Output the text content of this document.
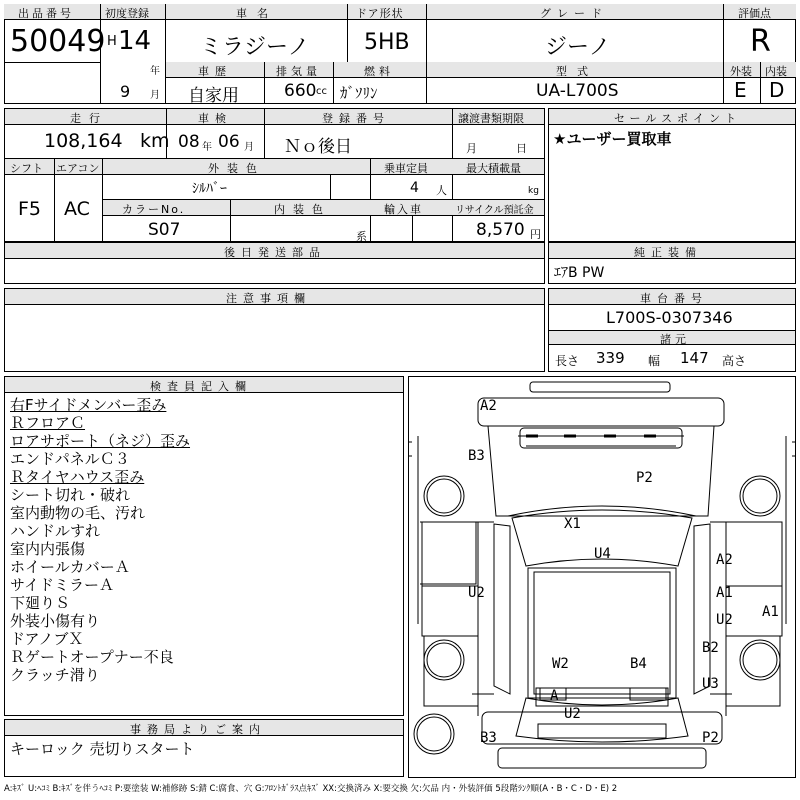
出品番号
50049
初度登録
H 14
年
9 月
車名
ミラジーノ
ドア形状
5HB
グレード
ジーノ
評価点
R
車歴
自家用
排気量
660 cc
燃料
ｶﾞｿﾘﾝ
型式
UA-L700S
外装
E
内装
D
走行
108,164 km
車検
08 年 06 月
登録番号
Ｎｏ後日
譲渡書類期限
月	日
シフト エアコン
F5 AC
外装色
ｼﾙﾊﾞｰ
乗車定員
4 人
最大積載量
kg
カラーNo.
S07
内装色
系
輸入車	リサイクル預託金
8,570 円
セールスポイント
★ユーザー買取車
後日発送部品	純正装備
ｴｱB PW
注意事項欄	車台番号
L700S-0307346
諸元
長さ 339 幅 147 高さ
検査員記入欄
右Fサイドメンバー歪み
ＲフロアＣ
ロアサポート（ネジ）歪み
エンドパネルＣ３
Ｒタイヤハウス歪み
シート切れ・破れ
室内動物の毛、汚れ
ハンドルすれ
室内内張傷
ホイールカバーＡ
サイドミラーＡ
下廻りＳ
外装小傷有り
ドアノブＸ
Ｒゲートオープナー不良
クラッチ滑り
事務局よりご案内
キーロック 売切りスタート
A2
B3
P2
X1
U4	A2
U2	A1
U2 A1
B2
W2	B4
U3
A
U2
B3	P2
A:ｷｽﾞ U:ﾍｺﾐ B:ｷｽﾞを伴うﾍｺﾐ P:要塗装 W:補修跡 S:錆 C:腐食、穴 G:ﾌﾛﾝﾄｶﾞﾗｽ点ｷｽﾞ XX:交換済み X:要交換 欠:欠品 内・外装評価 5段階ﾗﾝｸ順(A・B・C・D・E) 2
